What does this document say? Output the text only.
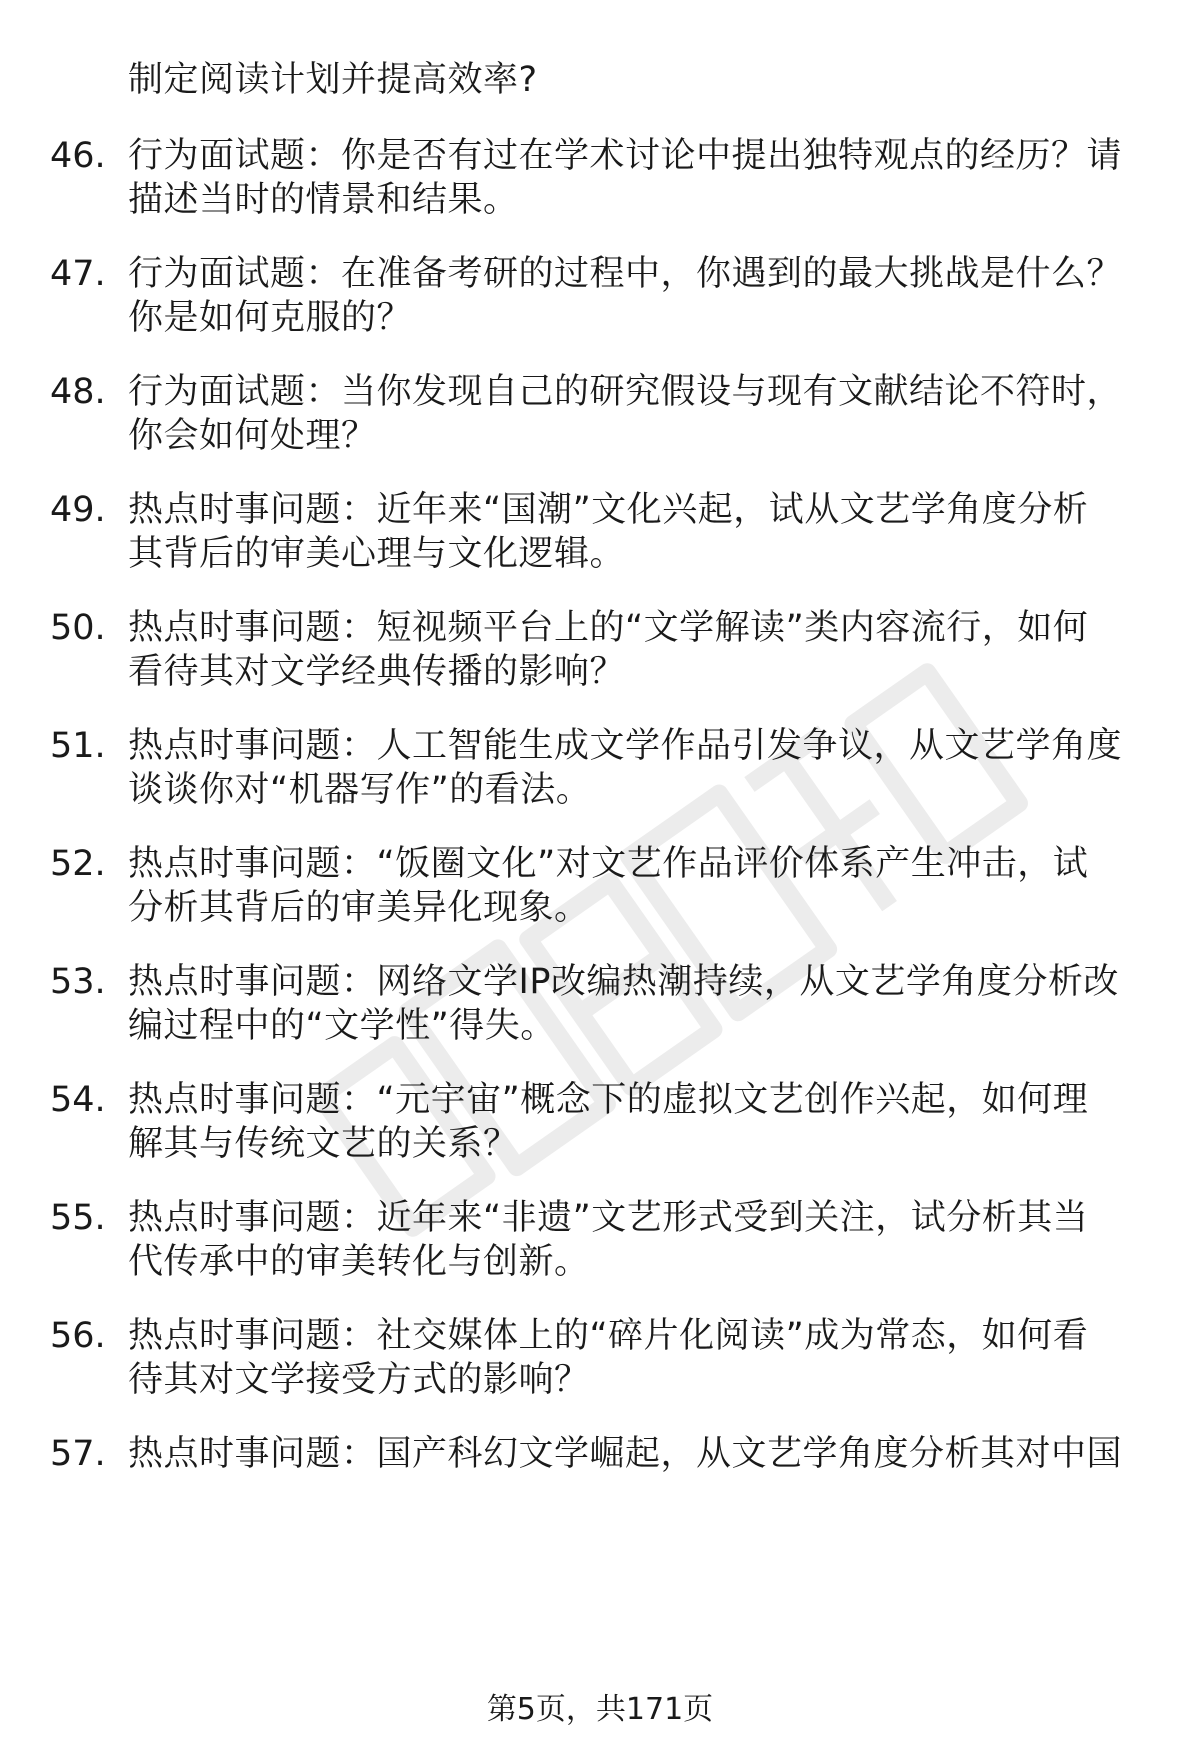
制定阅读计划并提高效率?
46. 行为面试题：你是否有过在学术讨论中提出独特观点的经历？请
描述当时的情景和结果。
47. 行为面试题：在准备考研的过程中，你遇到的最大挑战是什么？
你是如何克服的？
48. 行为面试题：当你发现自己的研究假设与现有文献结论不符时，
你会如何处理？
49. 热点时事问题：近年来“国潮”文化兴起，试从文艺学角度分析
其背后的审美心理与文化逻辑。
50. 热点时事问题：短视频平台上的“文学解读”类内容流行，如何
看待其对文学经典传播的影响？
51. 热点时事问题：人工智能生成文学作品引发争议，从文艺学角度
谈谈你对“机器写作”的看法。
52. 热点时事问题：“饭圈文化”对文艺作品评价体系产生冲击，试
分析其背后的审美异化现象。
53. 热点时事问题：网络文学IP改编热潮持续，从文艺学角度分析改
编过程中的“文学性”得失。
54. 热点时事问题：“元宇宙”概念下的虚拟文艺创作兴起，如何理
解其与传统文艺的关系？
55. 热点时事问题：近年来“非遗”文艺形式受到关注，试分析其当
代传承中的审美转化与创新。
56. 热点时事问题：社交媒体上的“碎片化阅读”成为常态，如何看
待其对文学接受方式的影响？
57. 热点时事问题：国产科幻文学崛起，从文艺学角度分析其对中国
第5页，共171页
